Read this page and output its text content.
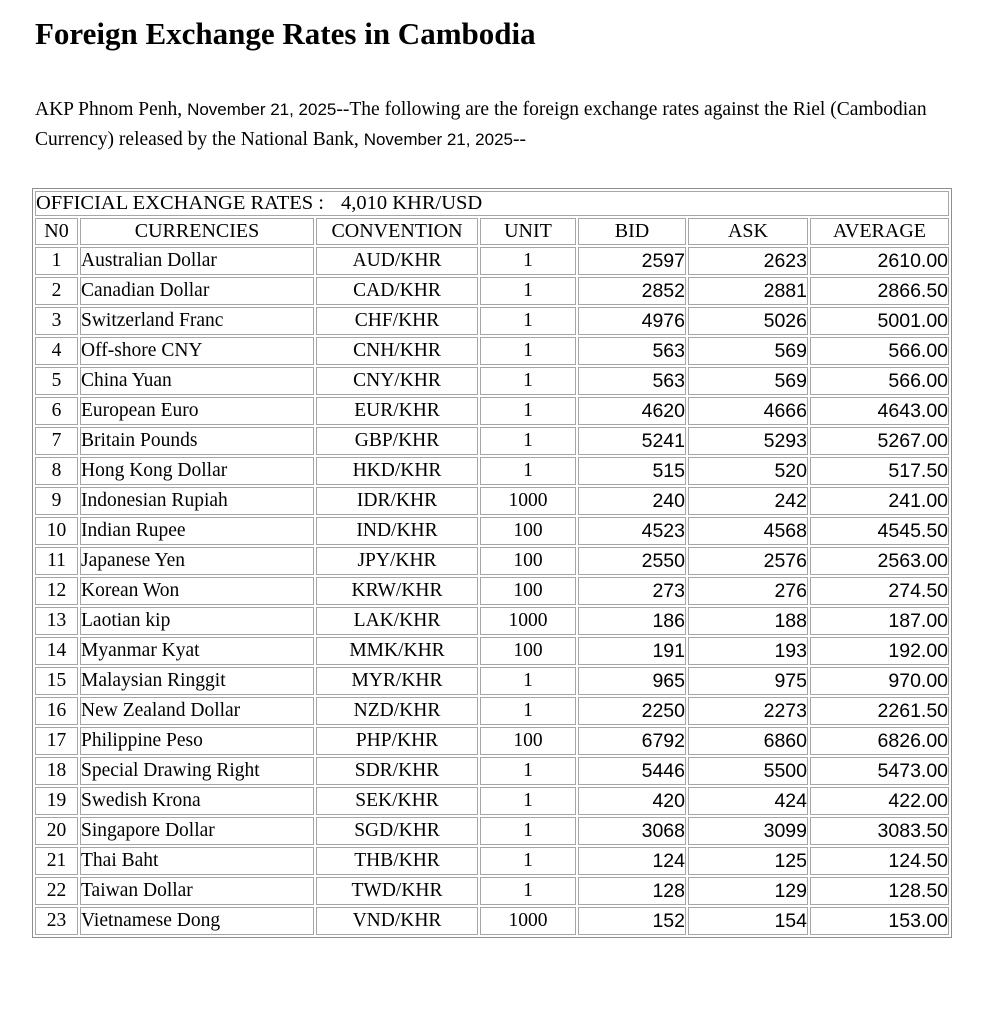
Foreign Exchange Rates in Cambodia

AKP Phnom Penh, November 21, 2025--The following are the foreign exchange rates against the Riel (Cambodian Currency) released by the National Bank, November 21, 2025--

OFFICIAL EXCHANGE RATES : 4,010 KHR/USD						
N0	CURRENCIES	CONVENTION	UNIT	BID	ASK	AVERAGE
1	Australian Dollar	AUD/KHR	1	2597	2623	2610.00
2	Canadian Dollar	CAD/KHR	1	2852	2881	2866.50
3	Switzerland Franc	CHF/KHR	1	4976	5026	5001.00
4	Off-shore CNY	CNH/KHR	1	563	569	566.00
5	China Yuan	CNY/KHR	1	563	569	566.00
6	European Euro	EUR/KHR	1	4620	4666	4643.00
7	Britain Pounds	GBP/KHR	1	5241	5293	5267.00
8	Hong Kong Dollar	HKD/KHR	1	515	520	517.50
9	Indonesian Rupiah	IDR/KHR	1000	240	242	241.00
10	Indian Rupee	IND/KHR	100	4523	4568	4545.50
11	Japanese Yen	JPY/KHR	100	2550	2576	2563.00
12	Korean Won	KRW/KHR	100	273	276	274.50
13	Laotian kip	LAK/KHR	1000	186	188	187.00
14	Myanmar Kyat	MMK/KHR	100	191	193	192.00
15	Malaysian Ringgit	MYR/KHR	1	965	975	970.00
16	New Zealand Dollar	NZD/KHR	1	2250	2273	2261.50
17	Philippine Peso	PHP/KHR	100	6792	6860	6826.00
18	Special Drawing Right	SDR/KHR	1	5446	5500	5473.00
19	Swedish Krona	SEK/KHR	1	420	424	422.00
20	Singapore Dollar	SGD/KHR	1	3068	3099	3083.50
21	Thai Baht	THB/KHR	1	124	125	124.50
22	Taiwan Dollar	TWD/KHR	1	128	129	128.50
23	Vietnamese Dong	VND/KHR	1000	152	154	153.00
